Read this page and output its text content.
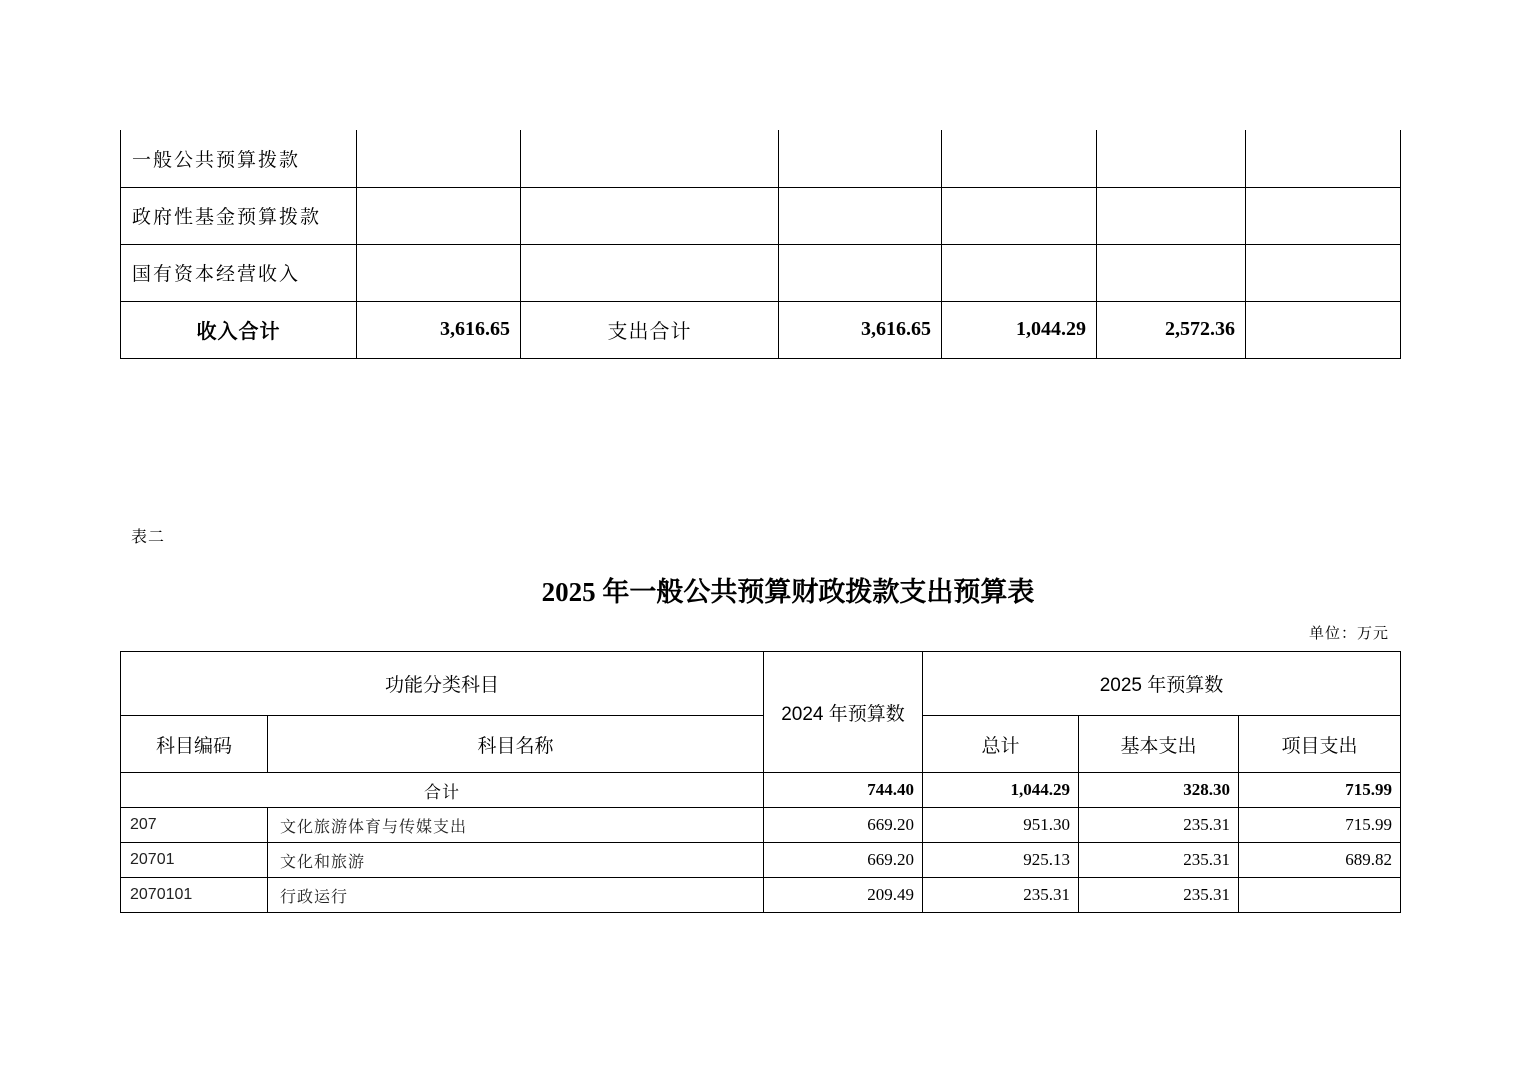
一般公共预算拨款						
政府性基金预算拨款						
国有资本经营收入						
收入合计	3,616.65	支出合计	3,616.65	1,044.29	2,572.36	
表二
2025 年一般公共预算财政拨款支出预算表
单位：万元
功能分类科目		2024 年预算数	2025 年预算数		
科目编码	科目名称		总计	基本支出	项目支出
合计		744.40	1,044.29	328.30	715.99
207	文化旅游体育与传媒支出	669.20	951.30	235.31	715.99
20701	文化和旅游	669.20	925.13	235.31	689.82
2070101	行政运行	209.49	235.31	235.31	
